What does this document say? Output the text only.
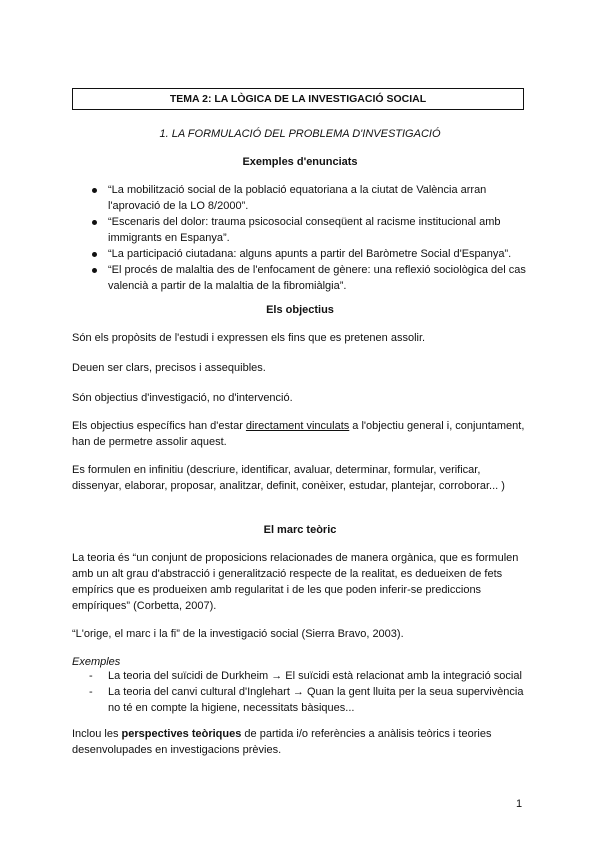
TEMA 2: LA LÒGICA DE LA INVESTIGACIÓ SOCIAL
1. LA FORMULACIÓ DEL PROBLEMA D'INVESTIGACIÓ
Exemples d'enunciats
“La mobilització social de la població equatoriana a la ciutat de València arran l'aprovació de la LO 8/2000”.
“Escenaris del dolor: trauma psicosocial conseqüent al racisme institucional amb immigrants en Espanya”.
“La participació ciutadana: alguns apunts a partir del Baròmetre Social d'Espanya”.
“El procés de malaltia des de l'enfocament de gènere: una reflexió sociològica del cas valencià a partir de la malaltia de la fibromiàlgia”.
Els objectius

Són els propòsits de l'estudi i expressen els fins que es pretenen assolir.

Deuen ser clars, precisos i assequibles.

Són objectius d'investigació, no d'intervenció.

Els objectius específics han d'estar directament vinculats a l'objectiu general i, conjuntament, han de permetre assolir aquest.

Es formulen en infinitiu (descriure, identificar, avaluar, determinar, formular, verificar, dissenyar, elaborar, proposar, analitzar, definit, conèixer, estudar, plantejar, corroborar... )

El marc teòric

La teoria és “un conjunt de proposicions relacionades de manera orgànica, que es formulen amb un alt grau d'abstracció i generalització respecte de la realitat, es dedueixen de fets empírics que es produeixen amb regularitat i de les que poden inferir-se prediccions empíriques” (Corbetta, 2007).

“L'orige, el marc i la fi” de la investigació social (Sierra Bravo, 2003).

Exemples
- La teoria del suïcidi de Durkheim → El suïcidi està relacionat amb la integració social
- La teoria del canvi cultural d'Inglehart → Quan la gent lluita per la seua supervivència no té en compte la higiene, necessitats bàsiques...

Inclou les perspectives teòriques de partida i/o referències a anàlisis teòrics i teories desenvolupades en investigacions prèvies.

1
